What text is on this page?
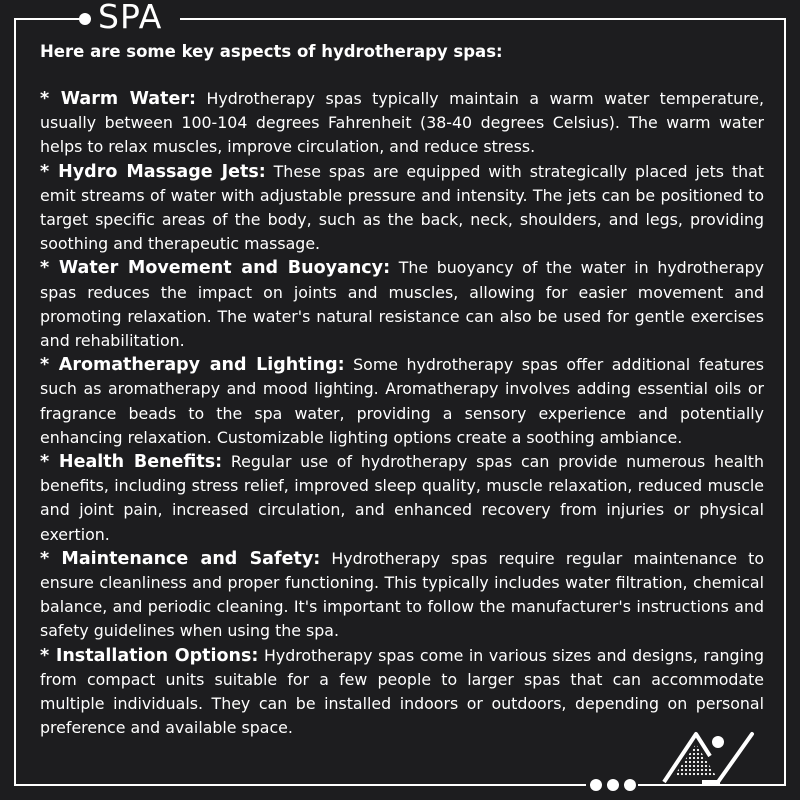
SPA

Here are some key aspects of hydrotherapy spas:

* Warm Water: Hydrotherapy spas typically maintain a warm water temperature, usually between 100-104 degrees Fahrenheit (38-40 degrees Celsius). The warm water helps to relax muscles, improve circulation, and reduce stress.

* Hydro Massage Jets: These spas are equipped with strategically placed jets that emit streams of water with adjustable pressure and intensity. The jets can be positioned to target specific areas of the body, such as the back, neck, shoulders, and legs, providing soothing and therapeutic massage.

* Water Movement and Buoyancy: The buoyancy of the water in hydrotherapy spas reduces the impact on joints and muscles, allowing for easier movement and promoting relaxation. The water's natural resistance can also be used for gentle exercises and rehabilitation.

* Aromatherapy and Lighting: Some hydrotherapy spas offer additional features such as aromatherapy and mood lighting. Aromatherapy involves adding essential oils or fragrance beads to the spa water, providing a sensory experience and potentially enhancing relaxation. Customizable lighting options create a soothing ambiance.

* Health Benefits: Regular use of hydrotherapy spas can provide numerous health benefits, including stress relief, improved sleep quality, muscle relaxation, reduced muscle and joint pain, increased circulation, and enhanced recovery from injuries or physical exertion.

* Maintenance and Safety: Hydrotherapy spas require regular maintenance to ensure cleanliness and proper functioning. This typically includes water filtration, chemical balance, and periodic cleaning. It's important to follow the manufacturer's instructions and safety guidelines when using the spa.

* Installation Options: Hydrotherapy spas come in various sizes and designs, ranging from compact units suitable for a few people to larger spas that can accommodate multiple individuals. They can be installed indoors or outdoors, depending on personal preference and available space.
